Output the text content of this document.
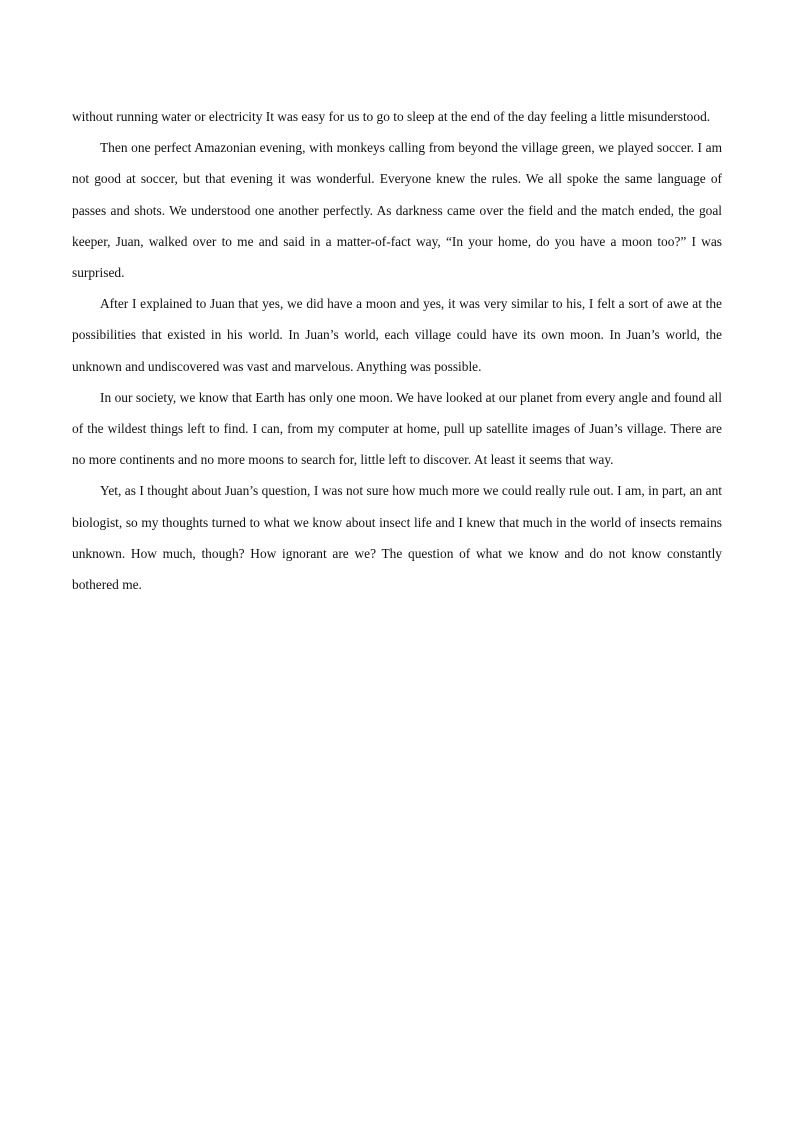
without running water or electricity It was easy for us to go to sleep at the end of the day feeling a little misunderstood.

Then one perfect Amazonian evening, with monkeys calling from beyond the village green, we played soccer. I am not good at soccer, but that evening it was wonderful. Everyone knew the rules. We all spoke the same language of passes and shots. We understood one another perfectly. As darkness came over the field and the match ended, the goal keeper, Juan, walked over to me and said in a matter-of-fact way, “In your home, do you have a moon too?” I was surprised.

After I explained to Juan that yes, we did have a moon and yes, it was very similar to his, I felt a sort of awe at the possibilities that existed in his world. In Juan’s world, each village could have its own moon. In Juan’s world, the unknown and undiscovered was vast and marvelous. Anything was possible.

In our society, we know that Earth has only one moon. We have looked at our planet from every angle and found all of the wildest things left to find. I can, from my computer at home, pull up satellite images of Juan’s village. There are no more continents and no more moons to search for, little left to discover. At least it seems that way.

Yet, as I thought about Juan’s question, I was not sure how much more we could really rule out. I am, in part, an ant biologist, so my thoughts turned to what we know about insect life and I knew that much in the world of insects remains unknown. How much, though? How ignorant are we? The question of what we know and do not know constantly bothered me.
